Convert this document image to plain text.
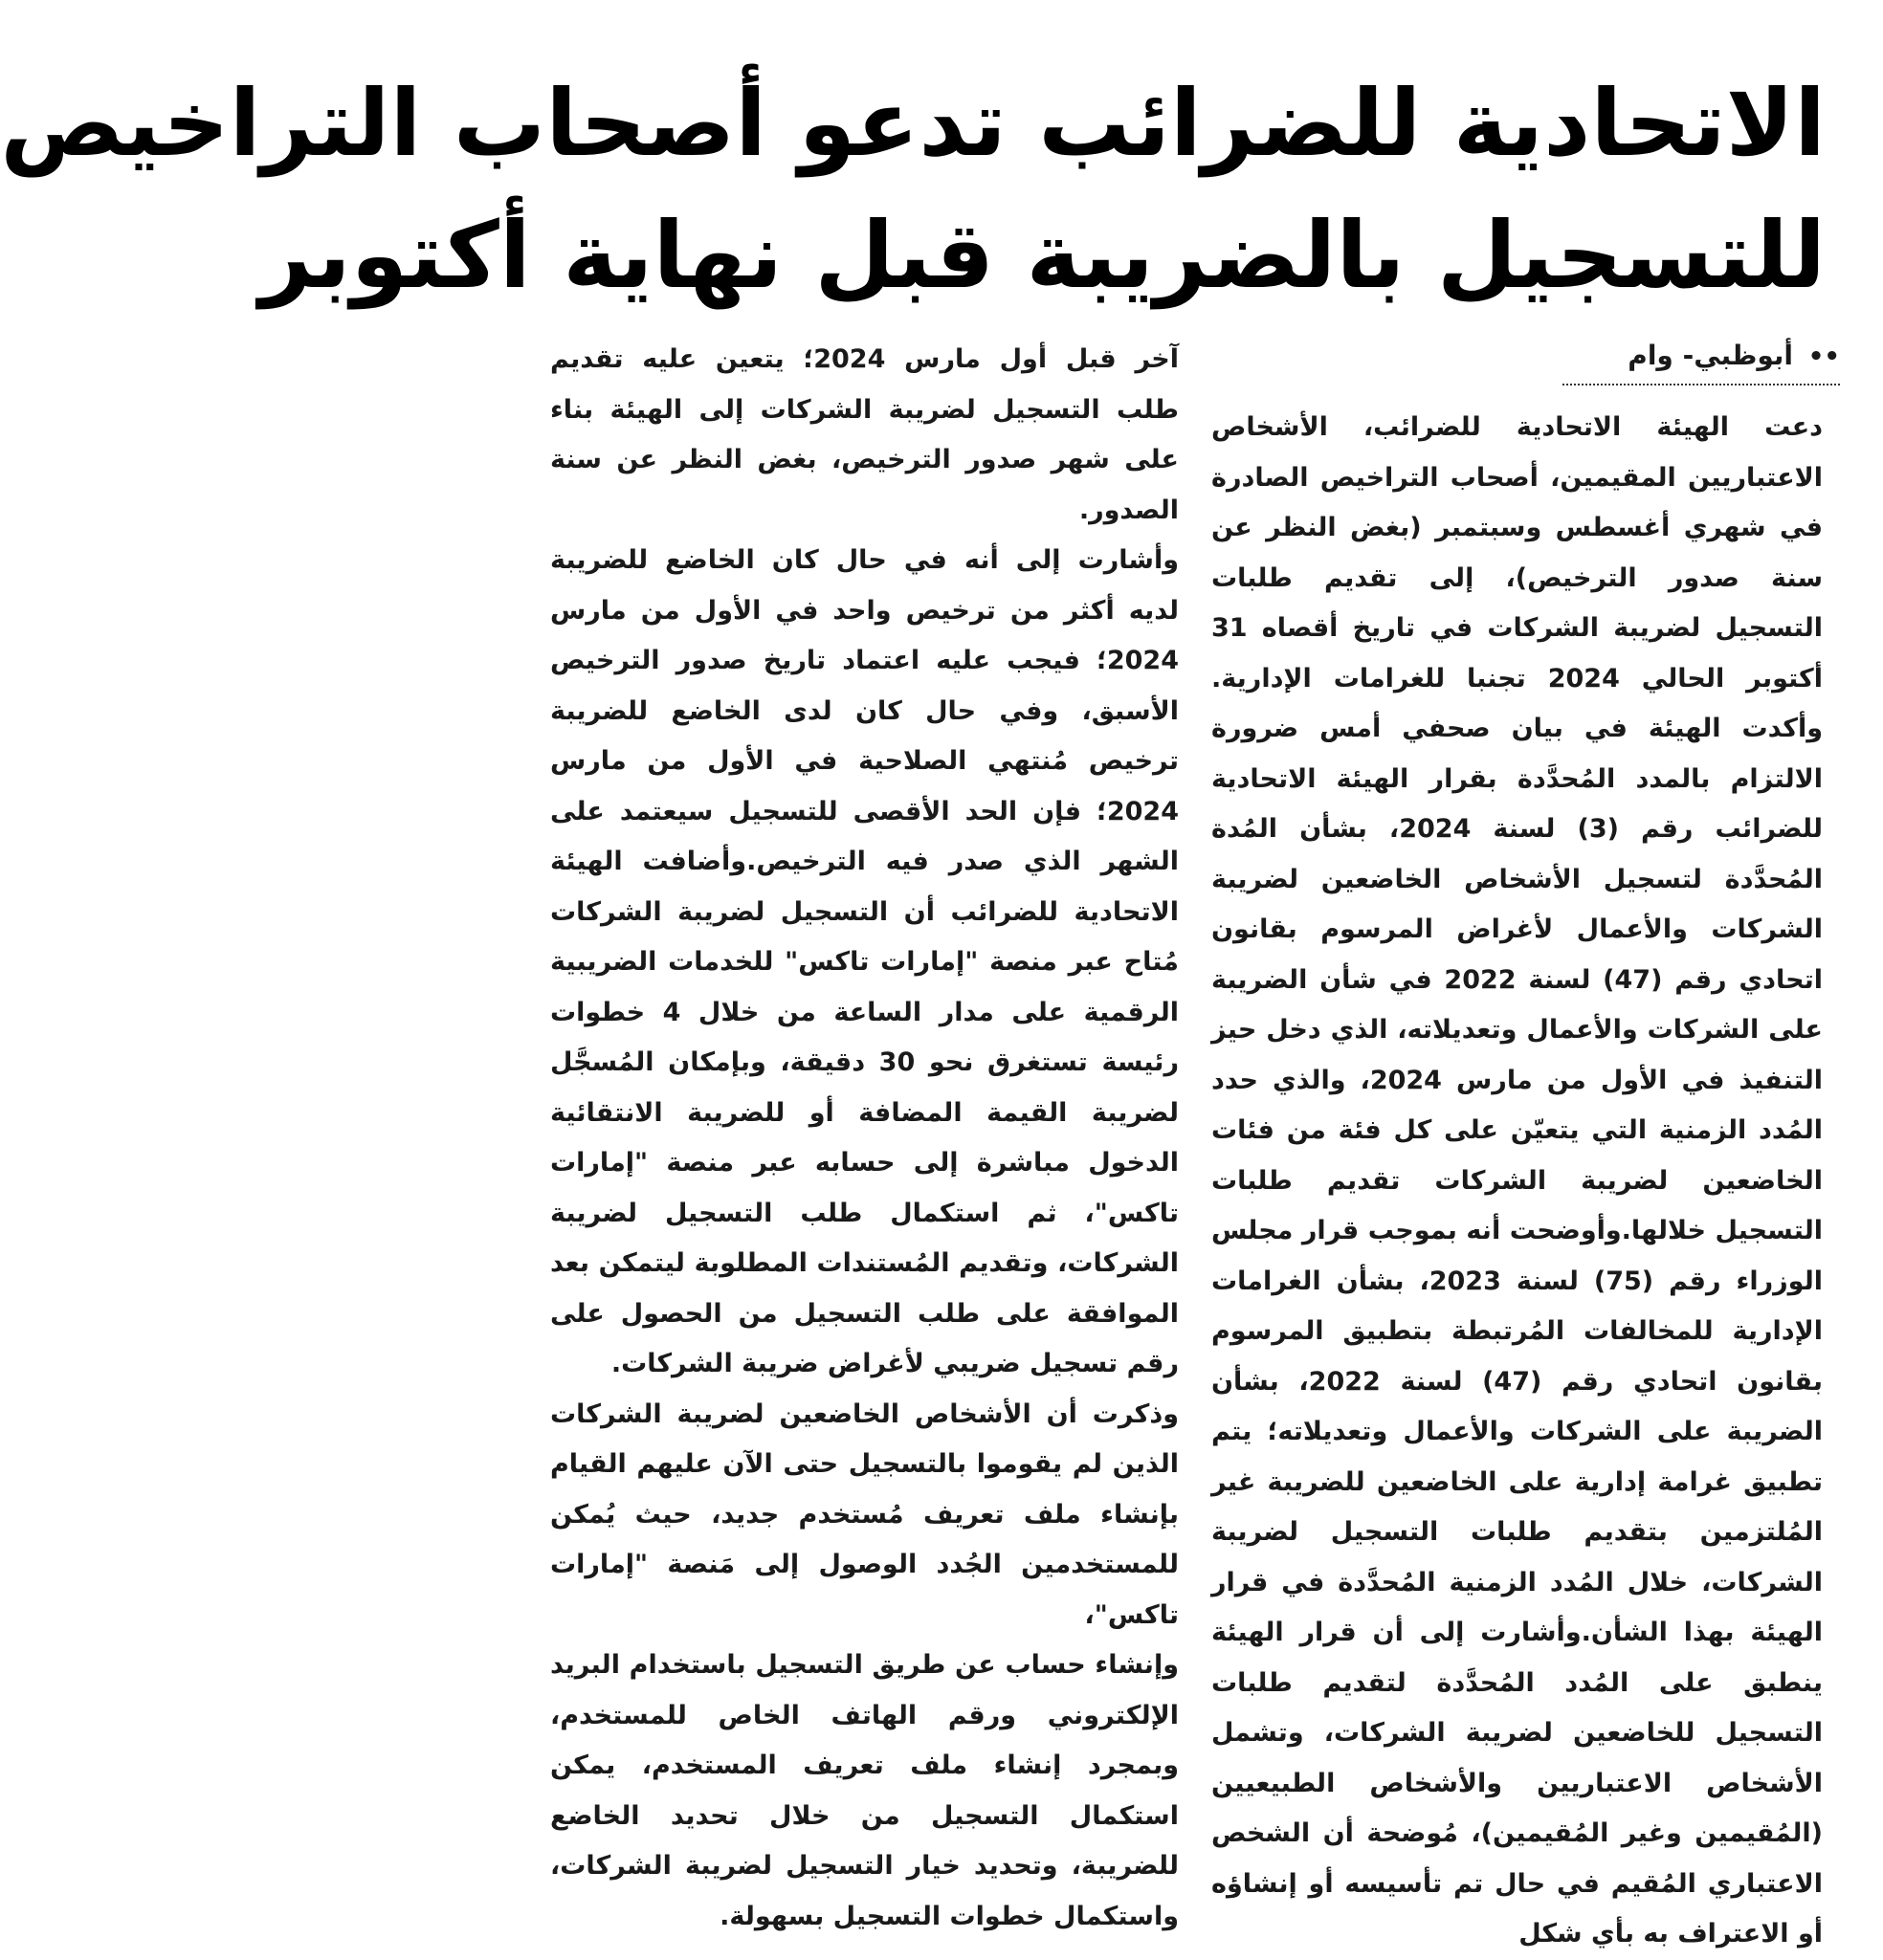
الاتحادية للضرائب تدعو أصحاب التراخيص
للتسجيل بالضريبة قبل نهاية أكتوبر
•• أبوظبي- وام

دعت الهيئة الاتحادية للضرائب، الأشخاص الاعتباريين المقيمين، أصحاب التراخيص الصادرة في شهري أغسطس وسبتمبر (بغض النظر عن سنة صدور الترخيص)، إلى تقديم طلبات التسجيل لضريبة الشركات في تاريخ أقصاه 31 أكتوبر الحالي 2024 تجنبا للغرامات الإدارية. وأكدت الهيئة في بيان صحفي أمس ضرورة الالتزام بالمدد المُحدَّدة بقرار الهيئة الاتحادية للضرائب رقم (3) لسنة 2024، بشأن المُدة المُحدَّدة لتسجيل الأشخاص الخاضعين لضريبة الشركات والأعمال لأغراض المرسوم بقانون اتحادي رقم (47) لسنة 2022 في شأن الضريبة على الشركات والأعمال وتعديلاته، الذي دخل حيز التنفيذ في الأول من مارس 2024، والذي حدد المُدد الزمنية التي يتعيّن على كل فئة من فئات الخاضعين لضريبة الشركات تقديم طلبات التسجيل خلالها.وأوضحت أنه بموجب قرار مجلس الوزراء رقم (75) لسنة 2023، بشأن الغرامات الإدارية للمخالفات المُرتبطة بتطبيق المرسوم بقانون اتحادي رقم (47) لسنة 2022، بشأن الضريبة على الشركات والأعمال وتعديلاته؛ يتم تطبيق غرامة إدارية على الخاضعين للضريبة غير المُلتزمين بتقديم طلبات التسجيل لضريبة الشركات، خلال المُدد الزمنية المُحدَّدة في قرار الهيئة بهذا الشأن.وأشارت إلى أن قرار الهيئة ينطبق على المُدد المُحدَّدة لتقديم طلبات التسجيل للخاضعين لضريبة الشركات، وتشمل الأشخاص الاعتباريين والأشخاص الطبيعيين (المُقيمين وغير المُقيمين)، مُوضحة أن الشخص الاعتباري المُقيم في حال تم تأسيسه أو إنشاؤه أو الاعتراف به بأي شكل

آخر قبل أول مارس 2024؛ يتعين عليه تقديم طلب التسجيل لضريبة الشركات إلى الهيئة بناء على شهر صدور الترخيص، بغض النظر عن سنة الصدور.

وأشارت إلى أنه في حال كان الخاضع للضريبة لديه أكثر من ترخيص واحد في الأول من مارس 2024؛ فيجب عليه اعتماد تاريخ صدور الترخيص الأسبق، وفي حال كان لدى الخاضع للضريبة ترخيص مُنتهي الصلاحية في الأول من مارس 2024؛ فإن الحد الأقصى للتسجيل سيعتمد على الشهر الذي صدر فيه الترخيص.وأضافت الهيئة الاتحادية للضرائب أن التسجيل لضريبة الشركات مُتاح عبر منصة "إمارات تاكس" للخدمات الضريبية الرقمية على مدار الساعة من خلال 4 خطوات رئيسة تستغرق نحو 30 دقيقة، وبإمكان المُسجَّل لضريبة القيمة المضافة أو للضريبة الانتقائية الدخول مباشرة إلى حسابه عبر منصة "إمارات تاكس"، ثم استكمال طلب التسجيل لضريبة الشركات، وتقديم المُستندات المطلوبة ليتمكن بعد الموافقة على طلب التسجيل من الحصول على رقم تسجيل ضريبي لأغراض ضريبة الشركات.

وذكرت أن الأشخاص الخاضعين لضريبة الشركات الذين لم يقوموا بالتسجيل حتى الآن عليهم القيام بإنشاء ملف تعريف مُستخدم جديد، حيث يُمكن للمستخدمين الجُدد الوصول إلى مَنصة "إمارات تاكس"،

وإنشاء حساب عن طريق التسجيل باستخدام البريد الإلكتروني ورقم الهاتف الخاص للمستخدم، وبمجرد إنشاء ملف تعريف المستخدم، يمكن استكمال التسجيل من خلال تحديد الخاضع للضريبة، وتحديد خيار التسجيل لضريبة الشركات، واستكمال خطوات التسجيل بسهولة.
